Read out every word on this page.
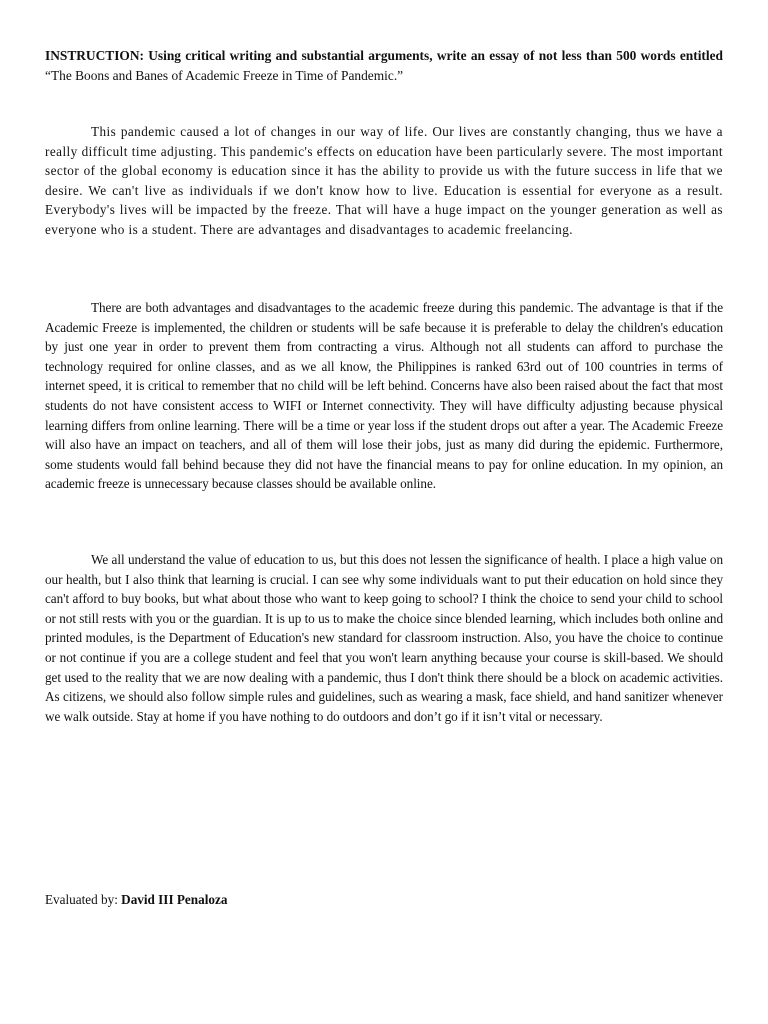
INSTRUCTION: Using critical writing and substantial arguments, write an essay of not less than 500 words entitled “The Boons and Banes of Academic Freeze in Time of Pandemic.”

This pandemic caused a lot of changes in our way of life. Our lives are constantly changing, thus we have a really difficult time adjusting. This pandemic's effects on education have been particularly severe. The most important sector of the global economy is education since it has the ability to provide us with the future success in life that we desire. We can't live as individuals if we don't know how to live. Education is essential for everyone as a result. Everybody's lives will be impacted by the freeze. That will have a huge impact on the younger generation as well as everyone who is a student. There are advantages and disadvantages to academic freelancing.

There are both advantages and disadvantages to the academic freeze during this pandemic. The advantage is that if the Academic Freeze is implemented, the children or students will be safe because it is preferable to delay the children's education by just one year in order to prevent them from contracting a virus. Although not all students can afford to purchase the technology required for online classes, and as we all know, the Philippines is ranked 63rd out of 100 countries in terms of internet speed, it is critical to remember that no child will be left behind. Concerns have also been raised about the fact that most students do not have consistent access to WIFI or Internet connectivity. They will have difficulty adjusting because physical learning differs from online learning. There will be a time or year loss if the student drops out after a year. The Academic Freeze will also have an impact on teachers, and all of them will lose their jobs, just as many did during the epidemic. Furthermore, some students would fall behind because they did not have the financial means to pay for online education. In my opinion, an academic freeze is unnecessary because classes should be available online.

We all understand the value of education to us, but this does not lessen the significance of health. I place a high value on our health, but I also think that learning is crucial. I can see why some individuals want to put their education on hold since they can't afford to buy books, but what about those who want to keep going to school? I think the choice to send your child to school or not still rests with you or the guardian. It is up to us to make the choice since blended learning, which includes both online and printed modules, is the Department of Education's new standard for classroom instruction. Also, you have the choice to continue or not continue if you are a college student and feel that you won't learn anything because your course is skill-based. We should get used to the reality that we are now dealing with a pandemic, thus I don't think there should be a block on academic activities. As citizens, we should also follow simple rules and guidelines, such as wearing a mask, face shield, and hand sanitizer whenever we walk outside. Stay at home if you have nothing to do outdoors and don’t go if it isn’t vital or necessary.

Evaluated by: David III Penaloza
